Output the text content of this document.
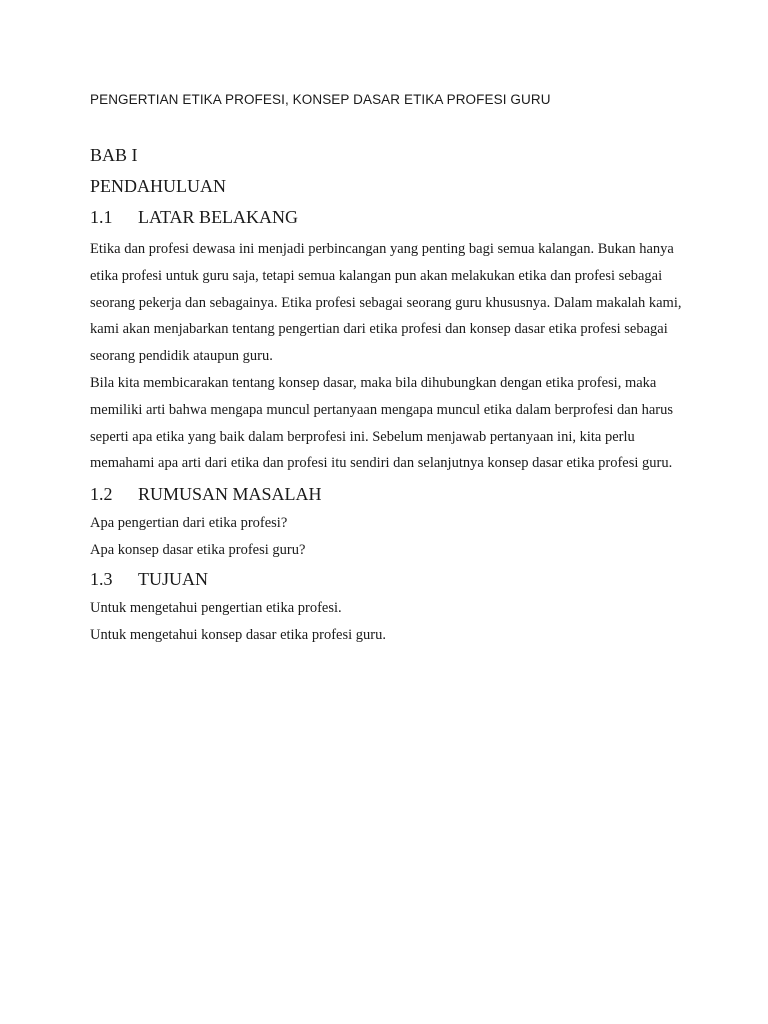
PENGERTIAN ETIKA PROFESI, KONSEP DASAR ETIKA PROFESI GURU
BAB I
PENDAHULUAN
1.1 LATAR BELAKANG

Etika dan profesi dewasa ini menjadi perbincangan yang penting bagi semua kalangan. Bukan hanya etika profesi untuk guru saja, tetapi semua kalangan pun akan melakukan etika dan profesi sebagai seorang pekerja dan sebagainya. Etika profesi sebagai seorang guru khususnya. Dalam makalah kami, kami akan menjabarkan tentang pengertian dari etika profesi dan konsep dasar etika profesi sebagai seorang pendidik ataupun guru.

Bila kita membicarakan tentang konsep dasar, maka bila dihubungkan dengan etika profesi, maka memiliki arti bahwa mengapa muncul pertanyaan mengapa muncul etika dalam berprofesi dan harus seperti apa etika yang baik dalam berprofesi ini. Sebelum menjawab pertanyaan ini, kita perlu memahami apa arti dari etika dan profesi itu sendiri dan selanjutnya konsep dasar etika profesi guru.

1.2 RUMUSAN MASALAH

Apa pengertian dari etika profesi?

Apa konsep dasar etika profesi guru?

1.3 TUJUAN

Untuk mengetahui pengertian etika profesi.

Untuk mengetahui konsep dasar etika profesi guru.
